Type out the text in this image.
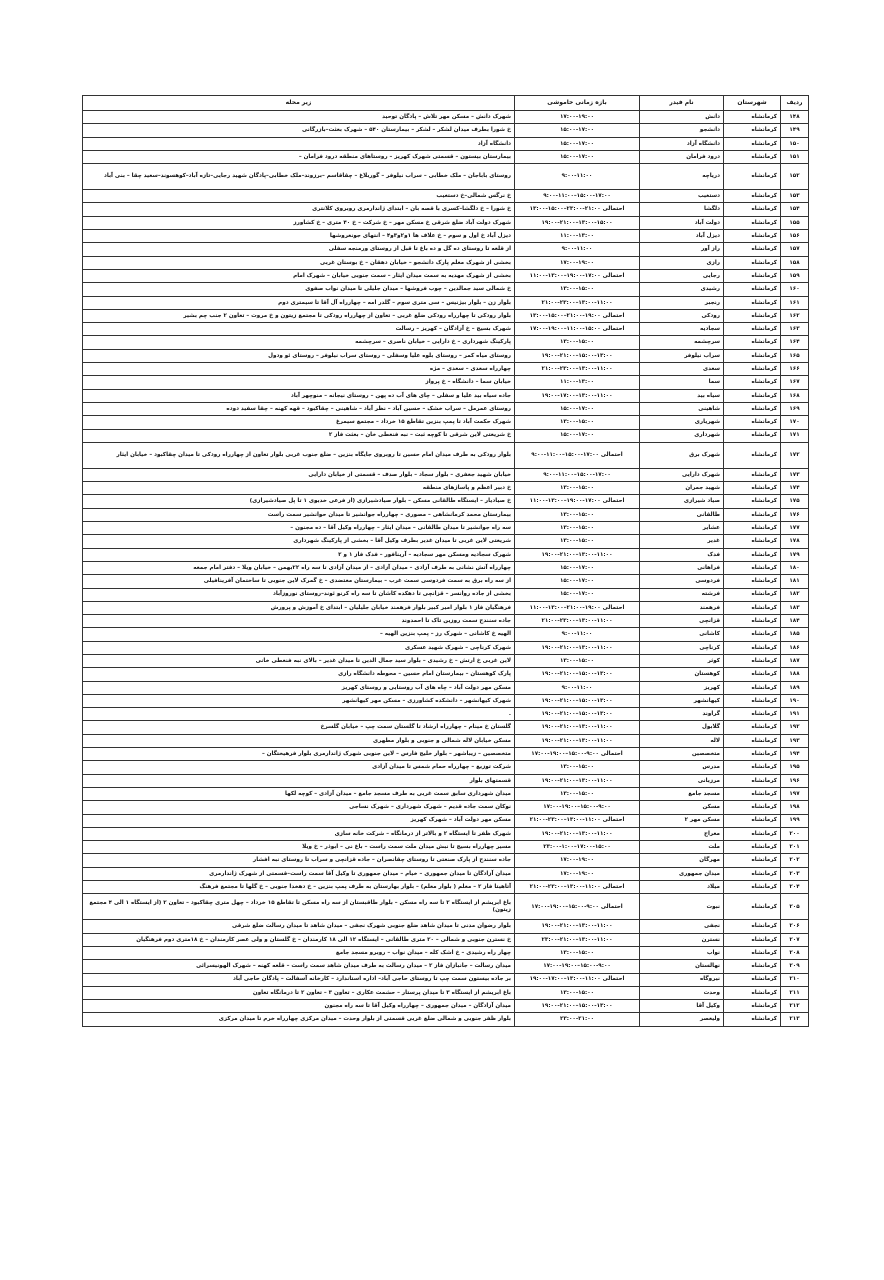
ردیف	شهرستان	نام فیدر	بازه زمانی خاموشی	زیر محله
۱۴۸	کرمانشاه	دانش	۱۷:۰۰-۱۹:۰۰	شهرک دانش – مسکن مهر تلاش – پادگان توحید
۱۴۹	کرمانشاه	دانشجو	۱۵:۰۰-۱۷:۰۰	خ شورا بطرف میدان لشکر – لشکر – بیمارستان ۵۴۰ – شهرک بعثت–بازرگانی
۱۵۰	کرمانشاه	دانشگاه آزاد	۱۵:۰۰-۱۷:۰۰	دانشگاه آزاد
۱۵۱	کرمانشاه	درود فرامان	۱۵:۰۰-۱۷:۰۰	بیمارستان بیستون – قسمتی شهرک کهریز – روستاهای منطقه درود فرامان –
۱۵۲	کرمانشاه	دریاچه	۹:۰۰-۱۱:۰۰	روستای باباجان – ملک خطابی – سراب نیلوفر – گوربلاغ – چقاقاسم –برزوند–ملک خطابی–پادگان شهید رجایی–تازه آباد–کوهسوند–سعید چقا – بنی آباد
۱۵۳	کرمانشاه	دستغیب	۹:۰۰-۱۱:۰۰–۱۵:۰۰-۱۷:۰۰	خ نرگس شمالی–خ دستغیب
۱۵۴	کرمانشاه	دلگشا	احتمالی ۲۱:۰۰-۲۳:۰۰–۱۵:۰۰-۱۳:۰۰	خ شورا – خ دلگشا–کسری با قصه بان – ابتدای ژاندارمری روبروی کلانتری
۱۵۵	کرمانشاه	دولت آباد	۱۹:۰۰-۲۱:۰۰–۱۳:۰۰-۱۵:۰۰	شهرک دولت آباد ضلع شرقی خ مسکن مهر – خ شرکت – خ ۴۰ متری – خ کشاورز
۱۵۶	کرمانشاه	دیزل آباد	۱۱:۰۰-۱۳:۰۰	دیزل آباد خ اول و سوم – خ علاف ها ۱و۲و۳و۴ – انتهای جونعروشها
۱۵۷	کرمانشاه	راز آور	۹:۰۰-۱۱:۰۰	از قلعه تا روستای ده گل و ده باغ تا قبل از روستای ورمنجه سفلی
۱۵۸	کرمانشاه	رازی	۱۷:۰۰-۱۹:۰۰	بخشی از شهرک معلم پارک دانشجو – خیابان دهقان – خ بوستان غربی
۱۵۹	کرمانشاه	رجایی	احتمالی ۱۷:۰۰-۱۹:۰۰–۱۳:۰۰-۱۱:۰۰	بخشی از شهرک مهدیه به سمت میدان ایثار – سمت جنوبی خیابان – شهرک امام
۱۶۰	کرمانشاه	رشیدی	۱۳:۰۰-۱۵:۰۰	خ شمالی سید جمالدین – چوب فروشها – میدان جلیلی تا میدان نواب صفوی
۱۶۱	کرمانشاه	رنجبر	۲۱:۰۰-۲۳:۰۰–۱۳:۰۰-۱۱:۰۰	بلوار زن – بلوار بیژنیس – سی متری سوم – گلدر امه – چهارراه آل آقا تا سیمتری دوم
۱۶۲	کرمانشاه	رودکی	احتمالی ۱۹:۰۰-۲۱:۰۰–۱۵:۰۰-۱۳:۰۰	بلوار رودکی تا چهارراه رودکی ضلع غربی – تعاون از چهارراه رودکی تا مجتمع زیتون و خ مروت – تعاون ۲ جنب چم بشیر
۱۶۳	کرمانشاه	سجادیه	۱۷:۰۰-۱۹:۰۰–۱۱:۰۰-۱۵:۰۰ احتمالی	شهرک بسیج – خ آزادگان – کهریز – رسالت
۱۶۴	کرمانشاه	سرچشمه	۱۳:۰۰-۱۵:۰۰	پارکینگ شهرداری – خ دارایی – خیابان ناصری – سرچشمه
۱۶۵	کرمانشاه	سراب نیلوفر	۱۹:۰۰-۲۱:۰۰–۱۵:۰۰-۱۳:۰۰	روستای میاه کمر – روستای بلوه علیا وسفلی – روستای سراب نیلوفر – روستای ئو ودول
۱۶۶	کرمانشاه	سعدی	۲۱:۰۰-۲۳:۰۰–۱۳:۰۰-۱۱:۰۰	چهارراه سعدی – سعدی – مژه
۱۶۷	کرمانشاه	سما	۱۱:۰۰-۱۳:۰۰	خیابان سما – دانشگاه – خ پرواز
۱۶۸	کرمانشاه	سیاه بید	۱۹:۰۰-۱۷:۰۰–۱۳:۰۰-۱۱:۰۰	جاده سیاه بید علیا و سفلی – چای های آب ده پهن – روستای نیجانه – منوچهر آباد
۱۶۹	کرمانشاه	شاهینی	۱۵:۰۰-۱۷:۰۰	روستای عمرمل – سراب خشک – حسین آباد – نظر آباد – شاهینی – چقاکبود – قهه کهنه – چقا سفید دوده
۱۷۰	کرمانشاه	شهریاری	۱۳:۰۰-۱۵:۰۰	شهرک حکمت آباد تا پمپ بنزین تقاطع ۱۵ خرداد – مجتمع سیمرغ
۱۷۱	کرمانشاه	شهرداری	۱۵:۰۰-۱۷:۰۰	خ شریعتی لاین شرقی تا کوچه ثبت – نبه فنعطی خان – بعثت فاز ۲
۱۷۲	کرمانشاه	شهرک برق	۹:۰۰-۱۱:۰۰–۱۵:۰۰-۱۷:۰۰ احتمالی	بلوار رودکی به طرف میدان امام حسین تا روبروی جایگاه بنزین – ضلع جنوب غربی بلوار تعاون از چهارراه رودکی تا میدان چقاکبود – خیابان ایثار
۱۷۳	کرمانشاه	شهرک دارایی	۹:۰۰-۱۱:۰۰–۱۵:۰۰-۱۷:۰۰	خیابان شهید جعفری – بلوار سجاد – بلوار صدف – قسمتی از خیابان دارایی
۱۷۴	کرمانشاه	شهید جمران	۱۳:۰۰-۱۵:۰۰	خ دبیر اعظم و پاساژهای منطقه
۱۷۵	کرمانشاه	صیاد شیرازی	احتمالی ۱۷:۰۰-۱۹:۰۰–۱۳:۰۰-۱۱:۰۰	خ صیادیار – ایستگاه طالقانی مسکن – بلوار صیادشیرازی (از فرعی خدیوی ۱ تا پل صیادشیرازی)
۱۷۶	کرمانشاه	طالقانی	۱۳:۰۰-۱۵:۰۰	بیمارستان محمد کرمانشاهی – مصوری – چهارراه جوانشیر تا میدان حوانشیر سمت راست
۱۷۷	کرمانشاه	عشایر	۱۳:۰۰-۱۵:۰۰	سه راه جوانشیر تا میدان طالقانی – میدان ایثار – چهارراه وکیل آقا – ده مجنون –
۱۷۸	کرمانشاه	غدیر	۱۳:۰۰-۱۵:۰۰	شریعتی لاین غربی تا میدان غدیر بطرف وکیل آقا – بخشی از پارکینگ شهرداری
۱۷۹	کرمانشاه	فدک	۱۹:۰۰-۲۱:۰۰–۱۳:۰۰-۱۱:۰۰	شهرک سجادیه ومسکن مهر سجادیه – آرینافور – فدک فاز ۱ و ۲
۱۸۰	کرمانشاه	فراهانی	۱۵:۰۰-۱۷:۰۰	چهارراه آتش نشانی به طرف آزادی – میدان آزادی – از میدان آزادی تا سه راه ۲۲بهمن – خیابان ویلا – دفتر امام جمعه
۱۸۱	کرمانشاه	فردوسی	۱۵:۰۰-۱۷:۰۰	از سه راه برق به سمت فردوسی سمت غرب – بیمارستان معتضدی – خ گمرک لاین جنوبی تا ساختمان آفرینافیلی
۱۸۲	کرمانشاه	فرشته	۱۵:۰۰-۱۷:۰۰	بخشی از جاده روانسر – قزانچی تا دهکده کاشان تا سه راه کرنو ئوند–روستای نوروزآباد
۱۸۳	کرمانشاه	فرهمند	احتمالی ۱۹:۰۰-۲۱:۰۰–۱۳:۰۰-۱۱:۰۰	فرهنگیان فاز ۱ بلوار امیر کبیر بلوار فرهمند خیابان جلیلیان – ابتدای خ آموزش و پرورش
۱۸۴	کرمانشاه	قزانچی	۲۱:۰۰-۲۳:۰۰–۱۳:۰۰-۱۱:۰۰	جاده سنندج سمت روزین تاک تا احمدوند
۱۸۵	کرمانشاه	کاشانی	۹:۰۰-۱۱:۰۰	الهیه خ کاشانی – شهرک رز – پمپ بنزین الهیه –
۱۸۶	کرمانشاه	کرناچی	۱۹:۰۰-۲۱:۰۰–۱۳:۰۰-۱۱:۰۰	شهرک کرناچی – شهرک شهید عسکری
۱۸۷	کرمانشاه	کوثر	۱۳:۰۰-۱۵:۰۰	لاین غربی خ ارتش – خ رشیدی – بلوار سید جمال الدین تا میدان غدیر – بالای نبه فنعطی خانی
۱۸۸	کرمانشاه	کوهستان	۱۹:۰۰-۲۱:۰۰–۱۵:۰۰-۱۳:۰۰	پارک کوهستان – بیمارستان امام حسین – محوطه دانشگاه رازی
۱۸۹	کرمانشاه	کهریز	۹:۰۰-۱۱:۰۰	مسکن مهر دولت آباد – چاه های آب روستایی و روستای کهریز
۱۹۰	کرمانشاه	کیهانشهر	۱۹:۰۰-۲۱:۰۰–۱۵:۰۰-۱۳:۰۰	شهرک کیهانشهر – دانشکده کشاورزی – مسکن مهر کیهانشهر
۱۹۱	کرمانشاه	گراوند	۱۹:۰۰-۲۱:۰۰–۱۵:۰۰-۱۳:۰۰	.
۱۹۲	کرمانشاه	گلابول	۱۹:۰۰-۲۱:۰۰–۱۳:۰۰-۱۱:۰۰	گلستان خ مینام – چهارراه ارشاد تا گلستان سمت چپ – خیابان گلسرخ
۱۹۳	کرمانشاه	لاله	۱۹:۰۰-۲۱:۰۰–۱۳:۰۰-۱۱:۰۰	مسکن خیابان لاله شمالی و جنوبی و بلوار مطهری
۱۹۴	کرمانشاه	متخصصین	۱۷:۰۰-۱۹:۰۰–۱۵:۰۰-۹:۰۰ احتمالی	متخصصین – زیباشهر – بلوار خلیج فارس – لاین جنوبی شهرک ژاندارمری بلوار فرهیختگان –
۱۹۵	کرمانشاه	مدرس	۱۳:۰۰-۱۵:۰۰	شرکت توزیع – چهارراه حمام شمس تا میدان آزادی
۱۹۶	کرمانشاه	مرزبانی	۱۹:۰۰-۲۱:۰۰–۱۳:۰۰-۱۱:۰۰	قسمتهای بلوار
۱۹۷	کرمانشاه	مسجد جامع	۱۳:۰۰-۱۵:۰۰	میدان شهرداری سابق سمت غربی به طرف مسجد جامع – میدان آزادی – کوچه لکها
۱۹۸	کرمانشاه	مسکن	۱۷:۰۰-۱۹:۰۰–۱۵:۰۰-۹:۰۰	نوکان سمت جاده قدیم – شهرک شهرداری – شهرک نساجی
۱۹۹	کرمانشاه	مسکن مهر ۲	۲۱:۰۰-۲۳:۰۰–۱۳:۰۰-۱۱:۰۰ احتمالی	مسکن مهر دولت آباد – شهرک کهریز
۲۰۰	کرمانشاه	معراج	۱۹:۰۰-۲۱:۰۰–۱۳:۰۰-۱۱:۰۰	شهرک ظفر تا ایستگاه ۲ و بالاتر از درمانگاه – شرکت خانه سازی
۲۰۱	کرمانشاه	ملت	۲۳:۰۰-۱:۰۰–۱۷:۰۰-۱۵:۰۰	مسیر چهارراه بسیج تا نبش میدان ملت سمت راست – باغ نی – ابوذر – خ ویلا
۲۰۲	کرمانشاه	مهرگان	۱۷:۰۰-۱۹:۰۰	جاده سنندج از پارک صنعتی تا روستای چقانصران – جاده قزانچی و سراب تا روستای نبه افشار
۲۰۳	کرمانشاه	میدان جمهوری	۱۷:۰۰-۱۹:۰۰	میدان آزادگان تا میدان جمهوری – خیام – میدان جمهوری تا وکیل آقا سمت راست–قسمتی از شهرک ژاندارمری
۲۰۴	کرمانشاه	میلاد	۲۱:۰۰-۲۳:۰۰–۱۳:۰۰-۱۱:۰۰ احتمالی	آتاهیتا فاز ۲ – معلم ( بلوار معلم) – بلوار بهارستان به طرف پمپ بنزین – خ دهخدا جنوبی – خ گلها تا مجتمع فرهنگ
۲۰۵	کرمانشاه	نبوت	۱۷:۰۰-۱۹:۰۰–۱۵:۰۰-۹:۰۰ احتمالی	باغ ابریشم از ایستگاه ۲ تا سه راه مسکن – بلوار طاقبستان از سه راه مسکن تا تقاطع ۱۵ خرداد – چهل متری چقاکبود – تعاون ۲ (از ایستگاه ۱ الی ۴ مجتمع زیتون)
۲۰۶	کرمانشاه	نجفی	۱۹:۰۰-۲۱:۰۰–۱۳:۰۰-۱۱:۰۰	بلوار رضوان مدنی تا میدان شاهد ضلع جنوبی شهرک نجفی – میدان شاهد تا میدان رسالت ضلع شرقی
۲۰۷	کرمانشاه	نسترن	۲۳:۰۰-۲۱:۰۰–۱۳:۰۰-۱۱:۰۰	خ نسترن جنوبی و شمالی – ۲۰ متری طالقانی – ایستگاه ۱۲ الی ۱۸ کارمندان – خ گلستان و ولی عصر کارمندان – خ ۱۸متری دوم فرهنگیان
۲۰۸	کرمانشاه	نواب	۱۳:۰۰-۱۵:۰۰	چهار راه رشیدی – خ اشک کله – میدان نواب – روبرو مسجد جامع
۲۰۹	کرمانشاه	نهالستان	۱۷:۰۰-۱۹:۰۰–۱۵:۰۰-۹:۰۰	میدان رسالت – جانبازان فاز ۲ – میدان رسالت به طرف میدان شاهد سمت راست – قلعه کهنه – شهرک الهونیسرائی
۲۱۰	کرمانشاه	نیروگاه	۱۹:۰۰-۱۷:۰۰–۱۳:۰۰-۱۱:۰۰ احتمالی	بر جاده بیستون سمت چپ تا روستای حاجی آباد– اداره استاندارد – کارخانه آسفالت – پادگان حاجی آباد
۲۱۱	کرمانشاه	وحدت	۱۳:۰۰-۱۵:۰۰	باغ ابریشم از ایستگاه ۳ تا میدان پرستار – حشمت عکاری – تعاون ۳ – تعاون ۲ تا درمانگاه تعاون
۲۱۲	کرمانشاه	وکیل آقا	۱۹:۰۰-۲۱:۰۰–۱۵:۰۰-۱۳:۰۰	میدان آزادگان – میدان جمهوری – چهارراه وکیل آقا تا سه راه مجنون
۲۱۳	کرمانشاه	ولیعصر	۲۳:۰۰-۲۱:۰۰	بلوار ظفر جنوبی و شمالی ضلع غربی قسمتی از بلوار وحدت – میدان مرکزی چهارراه خرم تا میدان مرکزی
